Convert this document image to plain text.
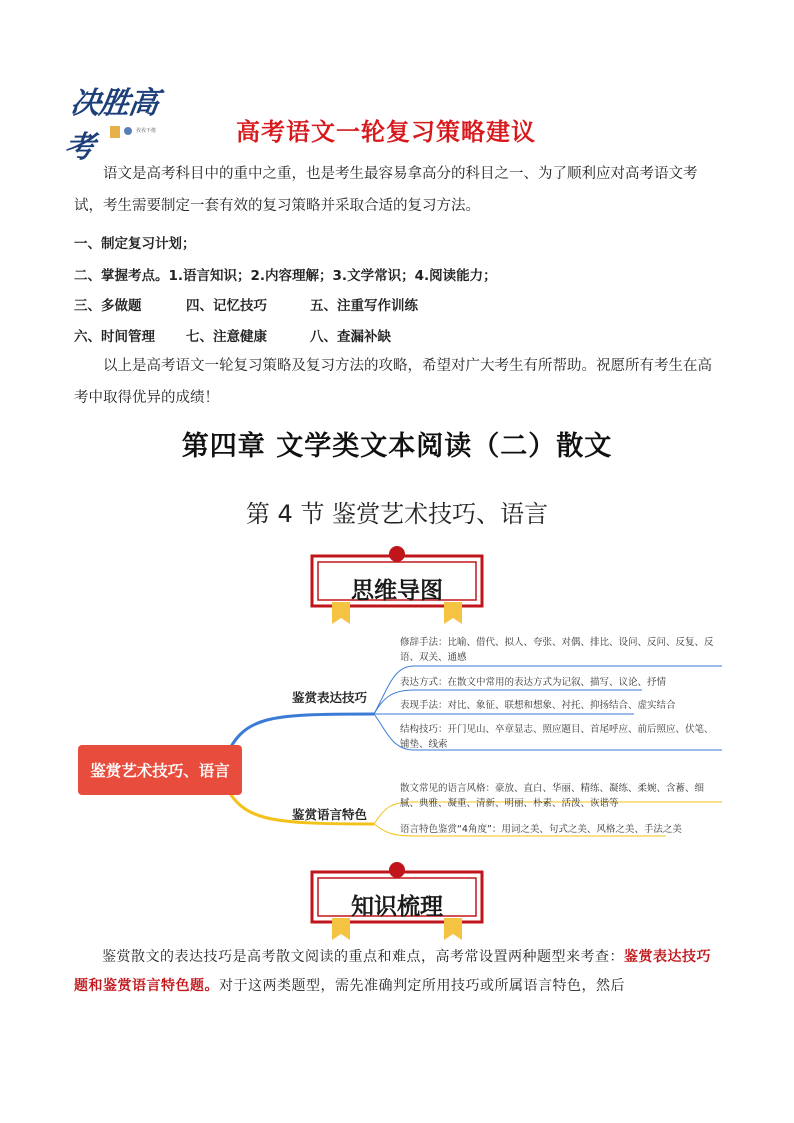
决胜高考	孜孜不倦	高考语文一轮复习策略建议
语文是高考科目中的重中之重，也是考生最容易拿高分的科目之一、为了顺利应对高考语文考试，考生需要制定一套有效的复习策略并采取合适的复习方法。
一、制定复习计划；
二、掌握考点。1.语言知识；2.内容理解；3.文学常识；4.阅读能力；
三、多做题	四、记忆技巧	五、注重写作训练
六、时间管理 七、注意健康	八、查漏补缺
以上是高考语文一轮复习策略及复习方法的攻略，希望对广大考生有所帮助。祝愿所有考生在高考中取得优异的成绩！
第四章 文学类文本阅读（二）散文
第 4 节 鉴赏艺术技巧、语言
思维导图
鉴赏艺术技巧、语言
鉴赏表达技巧
鉴赏语言特色
修辞手法：比喻、借代、拟人、夸张、对偶、排比、设问、反问、反复、反语、双关、通感
表达方式：在散文中常用的表达方式为记叙、描写、议论、抒情
表现手法：对比、象征、联想和想象、衬托、抑扬结合、虚实结合
结构技巧：开门见山、卒章显志、照应题目、首尾呼应、前后照应、伏笔、铺垫、线索
散文常见的语言风格：豪放、直白、华丽、精练、凝练、柔婉、含蓄、细腻、典雅、凝重、清新、明丽、朴素、活泼、诙谐等
语言特色鉴赏“4角度”：用词之美、句式之美、风格之美、手法之美
知识梳理
鉴赏散文的表达技巧是高考散文阅读的重点和难点，高考常设置两种题型来考查：鉴赏表达技巧题和鉴赏语言特色题。对于这两类题型，需先准确判定所用技巧或所属语言特色，然后
